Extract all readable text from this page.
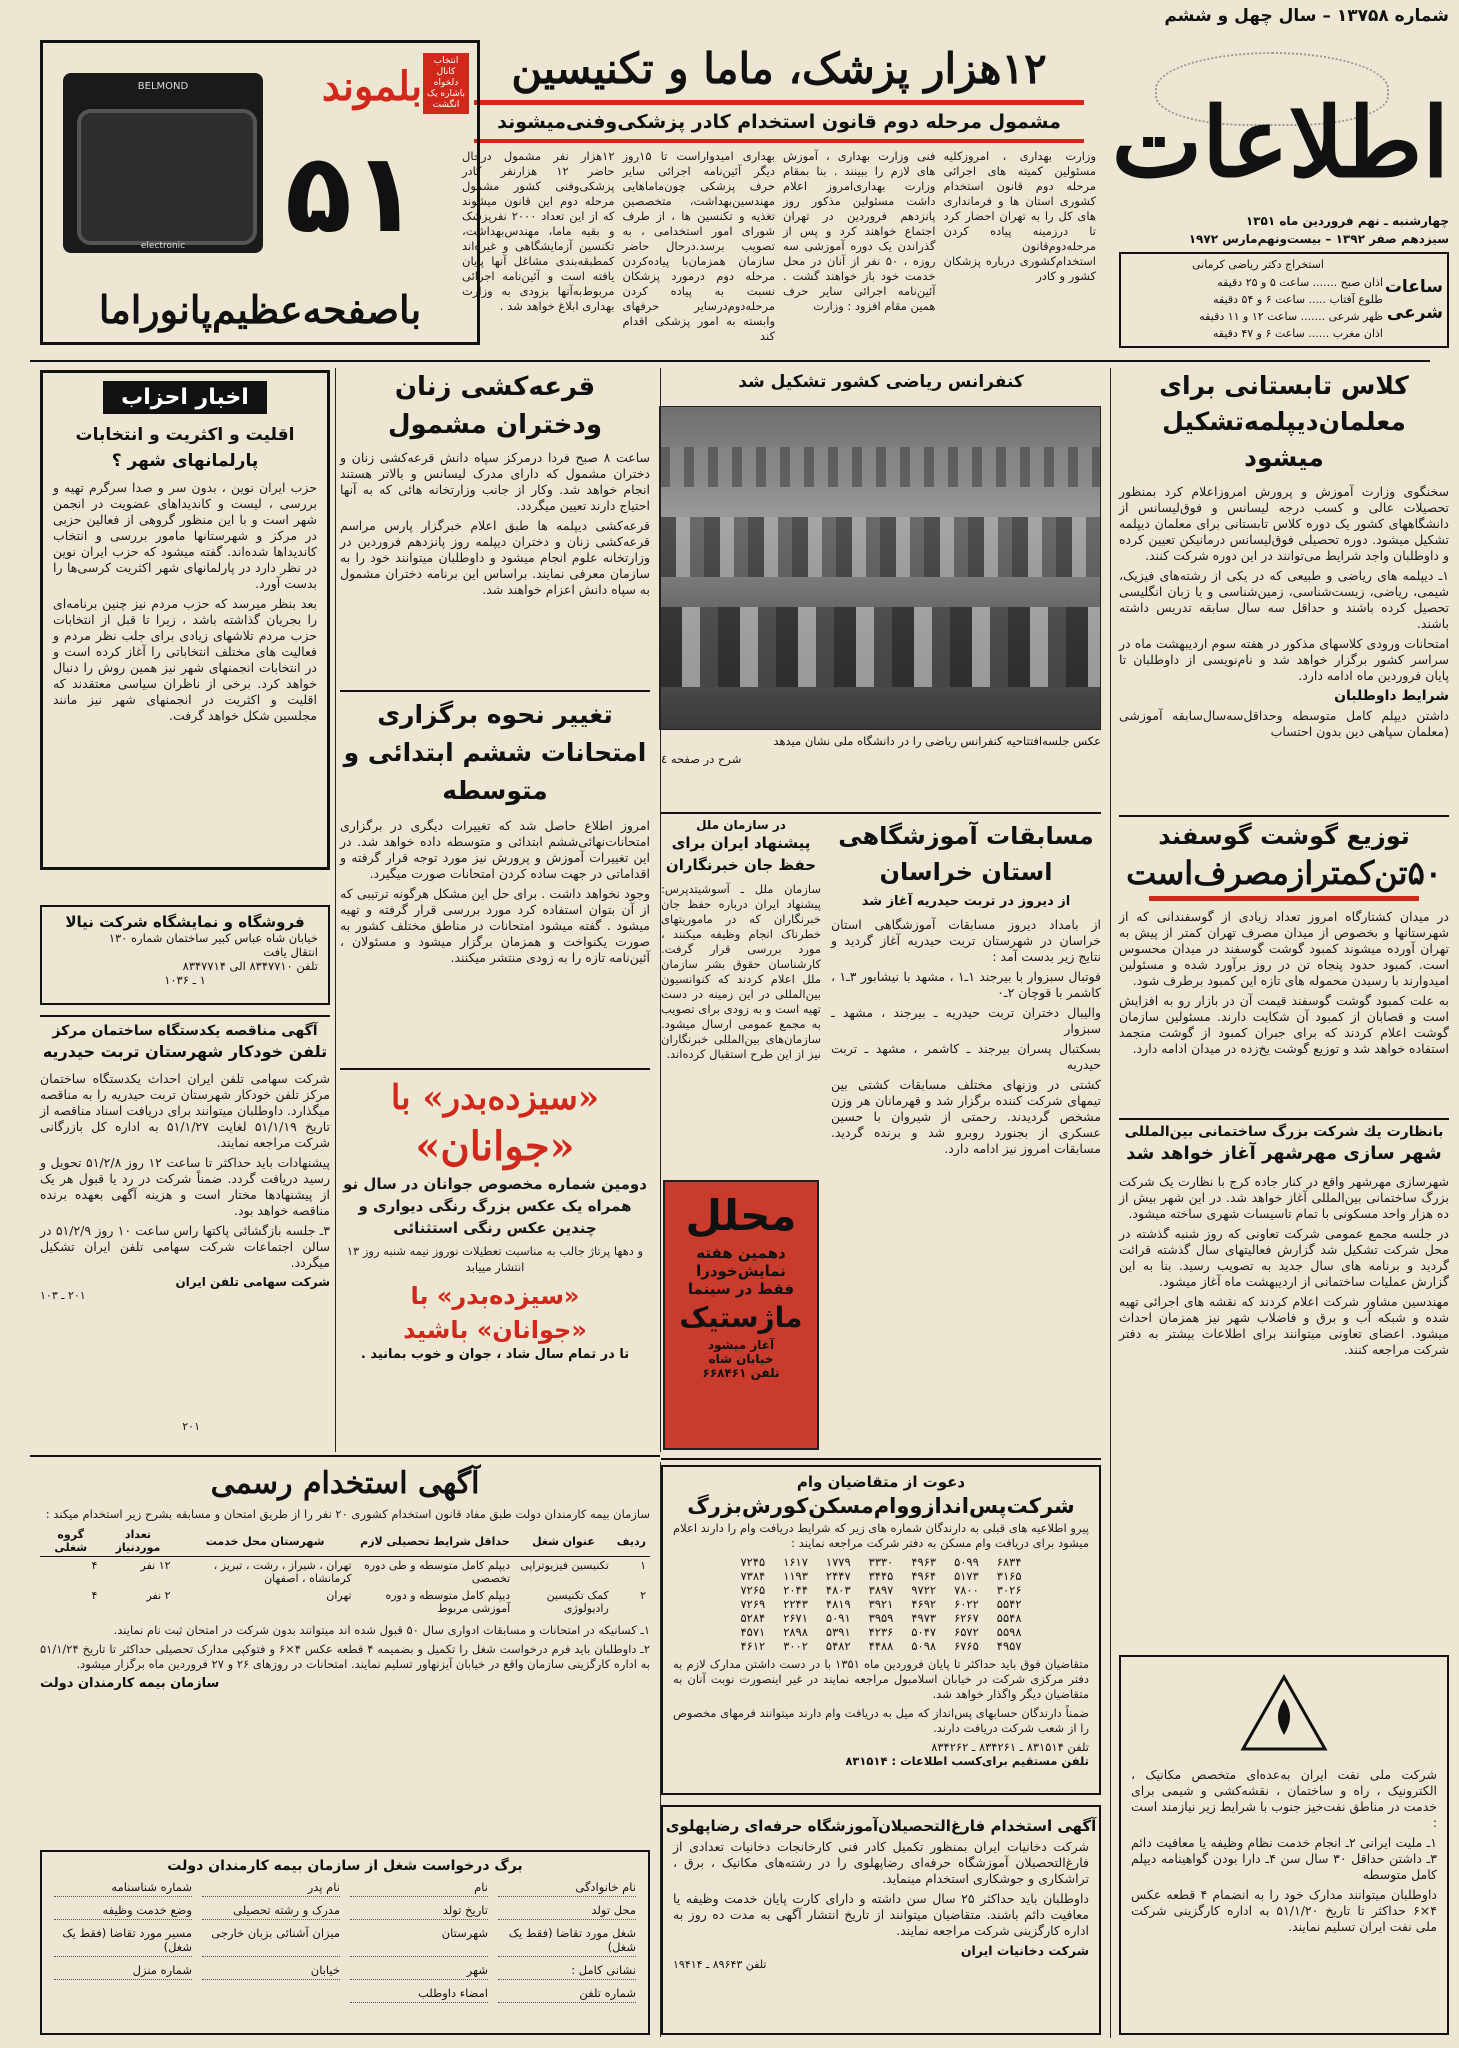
شماره ۱۳۷۵۸ – سال چهل و ششم
اطلاعات
چهارشنبه ـ نهم فروردین ماه ۱۳۵۱
سیزدهم صفر ۱۳۹۲ – بیست‌ونهم‌مارس ۱۹۷۲
ساعات شرعی
استخراج دکتر ریاضی کرمانی
اذان صبح ....... ساعت ۵ و ۲۵ دقیقه
طلوع آفتاب ..... ساعت ۶ و ۵۴ دقیقه
ظهر شرعی ....... ساعت ۱۲ و ۱۱ دقیقه
اذان مغرب ...... ساعت ۶ و ۴۷ دقیقه
۱۲هزار پزشک، ماما و تکنیسین
مشمول مرحله دوم قانون استخدام کادر پزشکی‌وفنی‌میشوند

وزارت بهداری ، امروزکلیه مسئولین کمیته های اجرائی مرحله دوم قانون استخدام کشوری استان ها و فرمانداری های کل را به تهران احضار کرد تا درزمینه پیاده کردن مرحله‌دوم‌قانون استخدام‌کشوری درباره پزشکان کشور و کادر

فنی وزارت بهداری ، آموزش های لازم را ببینند . بنا بمقام وزارت بهداری‌امروز اعلام داشت مسئولین مذکور روز پانزدهم فروردین در تهران اجتماع خواهند کرد و پس از گذراندن یک دوره آموزشی سه روزه ، ۵۰ نفر از آنان در محل خدمت خود باز خواهند گشت . آئین‌نامه اجرائی سایر حرف همین مقام افزود : وزارت

بهداری امیدواراست تا ۱۵روز دیگر آئین‌نامه اجرائی سایر حرف پزشکی چون‌ماماهایی مهندسین‌بهداشت، متخصصین تغذیه و تکنسین ها ، از طرف شورای امور استخدامی ، به تصویب برسد.درحال حاضر سازمان همزمان‌با پیاده‌کردن مرحله دوم درمورد پزشکان نسبت به پیاده کردن مرحله‌دوم‌درسایر حرفهای وابسته به امور پزشکی اقدام کند

۱۲هزار نفر مشمول درحال حاضر ۱۲ هزارنفر کادر پزشکی‌وفنی کشور مشمول مرحله دوم این قانون میشوند که از این تعداد ۲۰۰۰ نفرپزشک و بقیه ماما، مهندس‌بهداشت، تکنسین آزمایشگاهی و غیره‌اند کمطبقه‌بندی مشاغل آنها پایان یافته است و آئین‌نامه اجرائی مربوط‌به‌آنها بزودی به وزارت بهداری ابلاغ خواهد شد .

بلموند
انتخاب کانال دلخواه باشاره یک انگشت
۵۱
BELMOND
electronic
باصفحه‌عظیم‌پانوراما
کلاس تابستانی برای معلمان‌دیپلمه‌تشکیل میشود

سخنگوی وزارت آموزش و پرورش امروزاعلام کرد بمنظور تحصیلات عالی و کسب درجه لیسانس و فوق‌لیسانس از دانشگاههای کشور یک دوره کلاس تابستانی برای معلمان دیپلمه تشکیل میشود. دوره تحصیلی فوق‌لیسانس درمانیکن تعیین کرده و داوطلبان واجد شرایط می‌توانند در این دوره شرکت کنند.

۱ـ دیپلمه های ریاضی و طبیعی که در یکی از رشته‌های فیزیک، شیمی، ریاضی، زیست‌شناسی، زمین‌شناسی و یا زبان انگلیسی تحصیل کرده باشند و حداقل سه سال سابقه تدریس داشته باشند.

امتحانات ورودی کلاسهای مذکور در هفته سوم اردیبهشت ماه در سراسر کشور برگزار خواهد شد و نام‌نویسی از داوطلبان تا پایان فروردین ماه ادامه دارد.

شرایط داوطلبان

داشتن دیپلم کامل متوسطه وحداقل‌سه‌سال‌سابقه آموزشی (معلمان سپاهی دین بدون احتساب

توزیع گوشت گوسفند
۵۰تن‌کمتر‌ازمصرف‌است

در میدان کشتارگاه امروز تعداد زیادی از گوسفندانی که از شهرستانها و بخصوص از میدان مصرف تهران کمتر از پیش به تهران آورده میشوند کمبود گوشت گوسفند در میدان محسوس است. کمبود حدود پنجاه تن در روز برآورد شده و مسئولین امیدوارند با رسیدن محموله های تازه این کمبود برطرف شود.

به علت کمبود گوشت گوسفند قیمت آن در بازار رو به افزایش است و قصابان از کمبود آن شکایت دارند. مسئولین سازمان گوشت اعلام کردند که برای جبران کمبود از گوشت منجمد استفاده خواهد شد و توزیع گوشت یخ‌زده در میدان ادامه دارد.

بانظارت یك شرکت بزرگ ساختمانی بین‌المللی
شهر سازی مهرشهر آغاز خواهد شد

شهرسازی مهرشهر واقع در کنار جاده کرج با نظارت یک شرکت بزرگ ساختمانی بین‌المللی آغاز خواهد شد. در این شهر بیش از ده هزار واحد مسکونی با تمام تاسیسات شهری ساخته میشود.

در جلسه مجمع عمومی شرکت تعاونی که روز شنبه گذشته در محل شرکت تشکیل شد گزارش فعالیتهای سال گذشته قرائت گردید و برنامه های سال جدید به تصویب رسید. بنا به این گزارش عملیات ساختمانی از اردیبهشت ماه آغاز میشود.

مهندسین مشاور شرکت اعلام کردند که نقشه های اجرائی تهیه شده و شبکه آب و برق و فاضلاب شهر نیز همزمان احداث میشود. اعضای تعاونی میتوانند برای اطلاعات بیشتر به دفتر شرکت مراجعه کنند.

شرکت ملی نفت ایران به‌عده‌ای متخصص مکانیک ، الکترونیک ، راه و ساختمان ، نقشه‌کشی و شیمی برای خدمت در مناطق نفت‌خیز جنوب با شرایط زیر نیازمند است :

۱ـ ملیت ایرانی ۲ـ انجام خدمت نظام وظیفه یا معافیت دائم ۳ـ داشتن حداقل ۳۰ سال سن ۴ـ دارا بودن گواهینامه دیپلم کامل متوسطه

داوطلبان میتوانند مدارک خود را به انضمام ۴ قطعه عکس ۴×۶ حداکثر تا تاریخ ۵۱/۱/۲۰ به اداره کارگزینی شرکت ملی نفت ایران تسلیم نمایند.

کنفرانس ریاضی کشور تشکیل شد
عکس جلسه‌افتتاحیه کنفرانس ریاضی را در دانشگاه ملی نشان میدهد
شرح در صفحه ٤
مسابقات آموزشگاهی استان خراسان
از دیروز در تربت حیدریه آغاز شد

از بامداد دیروز مسابقات آموزشگاهی استان خراسان در شهرستان تربت حیدریه آغاز گردید و نتایج زیر بدست آمد :

فوتبال سبزوار با بیرجند ۱ـ۱ ، مشهد با نیشابور ۳ـ۱ ، کاشمر با قوچان ۲ـ۰

والیبال دختران تربت حیدریه ـ بیرجند ، مشهد ـ سبزوار

بسکتبال پسران بیرجند ـ کاشمر ، مشهد ـ تربت حیدریه

کشتی در وزنهای مختلف مسابقات کشتی بین تیمهای شرکت کننده برگزار شد و قهرمانان هر وزن مشخص گردیدند. رحمتی از شیروان با حسین عسکری از بجنورد روبرو شد و برنده گردید. مسابقات امروز نیز ادامه دارد.

در سازمان ملل
پیشنهاد ایران برای حفظ جان خبرنگاران

سازمان ملل ـ آسوشیتدپرس: پیشنهاد ایران درباره حفظ جان خبرنگاران که در ماموریتهای خطرناک انجام وظیفه میکنند ، مورد بررسی قرار گرفت. کارشناسان حقوق بشر سازمان ملل اعلام کردند که کنوانسیون بین‌المللی در این زمینه در دست تهیه است و به زودی برای تصویب به مجمع عمومی ارسال میشود. سازمان‌های بین‌المللی خبرنگاران نیز از این طرح استقبال کرده‌اند.

محلل
دهمین هفته
نمایش‌خودرا
فقط در سینما
ماژستیک
آغاز میشود
خیابان شاه
تلفن ۶۶۸۴۶۱
دعوت از متقاضیان وام
شرکت‌پس‌اندازووام‌مسکن‌کورش‌بزرگ

پیرو اطلاعیه های قبلی به دارندگان شماره های زیر که شرایط دریافت وام را دارند اعلام میشود برای دریافت وام مسکن به دفتر شرکت مراجعه نمایند :

۶۸۳۴	۵۰۹۹	۴۹۶۳	۳۳۳۰	۱۷۷۹	۱۶۱۷	۷۲۴۵
۳۱۶۵	۵۱۷۳	۴۹۶۴	۳۴۴۵	۲۴۴۷	۱۱۹۳	۷۳۸۴
۳۰۲۶	۷۸۰۰	۹۷۲۲	۳۸۹۷	۴۸۰۳	۲۰۴۴	۷۲۶۵
۵۵۴۲	۶۰۲۲	۴۶۹۲	۳۹۲۱	۴۸۱۹	۲۲۴۳	۷۲۶۹
۵۵۴۸	۶۲۶۷	۴۹۷۳	۳۹۵۹	۵۰۹۱	۲۶۷۱	۵۲۸۴
۵۵۹۸	۶۵۷۲	۵۰۴۷	۴۲۳۶	۵۳۹۱	۲۸۹۸	۴۵۷۱
۴۹۵۷	۶۷۶۵	۵۰۹۸	۴۴۸۸	۵۴۸۲	۳۰۰۲	۴۶۱۲

متقاضیان فوق باید حداکثر تا پایان فروردین ماه ۱۳۵۱ با در دست داشتن مدارک لازم به دفتر مرکزی شرکت در خیابان اسلامبول مراجعه نمایند در غیر اینصورت نوبت آنان به متقاضیان دیگر واگذار خواهد شد.

ضمناً دارندگان حسابهای پس‌انداز که میل به دریافت وام دارند میتوانند فرمهای مخصوص را از شعب شرکت دریافت دارند.

تلفن ۸۳۱۵۱۴ ـ ۸۳۴۲۶۱ ـ ۸۳۴۲۶۲
تلفن مستقیم برای‌کسب اطلاعات : ۸۳۱۵۱۴
آگهی استخدام فارغ‌التحصیلان‌آموزشگاه حرفه‌ای رضاپهلوی

شرکت دخانیات ایران بمنظور تکمیل کادر فنی کارخانجات دخانیات تعدادی از فارغ‌التحصیلان آموزشگاه حرفه‌ای رضاپهلوی را در رشته‌های مکانیک ، برق ، تراشکاری و جوشکاری استخدام مینماید.

داوطلبان باید حداکثر ۲۵ سال سن داشته و دارای کارت پایان خدمت وظیفه یا معافیت دائم باشند. متقاضیان میتوانند از تاریخ انتشار آگهی به مدت ده روز به اداره کارگزینی شرکت مراجعه نمایند.

شرکت دخانیات ایران
تلفن ۸۹۶۴۳ ـ ۱۹۴۱۴
قرعه‌کشی زنان ودختران مشمول

ساعت ۸ صبح فردا درمرکز سپاه دانش قرعه‌کشی زنان و دختران مشمول که دارای مدرک لیسانس و بالاتر هستند انجام خواهد شد. وکار از جانب وزارتخانه هائی که به آنها احتیاج دارند تعیین میگردد.

قرعه‌کشی دیپلمه ها طبق اعلام خبرگزار پارس مراسم قرعه‌کشی زنان و دختران دیپلمه روز پانزدهم فروردین در وزارتخانه علوم انجام میشود و داوطلبان میتوانند خود را به سازمان معرفی نمایند. براساس این برنامه دختران مشمول به سپاه دانش اعزام خواهند شد.

تغییر نحوه برگزاری امتحانات ششم ابتدائی و متوسطه

امروز اطلاع حاصل شد که تغییرات دیگری در برگزاری امتحانات‌نهائی‌ششم ابتدائی و متوسطه داده خواهد شد. در این تغییرات آموزش و پرورش نیز مورد توجه قرار گرفته و اقداماتی در جهت ساده کردن امتحانات صورت میگیرد.

وجود نخواهد داشت . برای حل این مشکل هرگونه ترتیبی که از آن بتوان استفاده کرد مورد بررسی قرار گرفته و تهیه میشود . گفته میشود امتحانات در مناطق مختلف کشور به صورت یکنواخت و همزمان برگزار میشود و مسئولان ، آئین‌نامه تازه را به زودی منتشر میکنند.

«سیزده‌بدر» با
«جوانان»

دومین شماره مخصوص جوانان در سال نو همراه یک عکس بزرگ رنگی دیواری و چندین عکس رنگی استثنائی

و دهها پرتاژ جالب به مناسبت تعطیلات نوروز نیمه شنبه روز ۱۳ انتشار مییابد

«سیزده‌بدر» با
«جوانان» باشید
تا در تمام سال شاد ، جوان و خوب بمانید .
اخبار احزاب
اقلیت و اکثریت و انتخابات پارلمانهای شهر ؟

حزب ایران نوین ، بدون سر و صدا سرگرم تهیه و بررسی ، لیست و کاندیداهای عضویت در انجمن شهر است و با این منظور گروهی از فعالین حزبی در مرکز و شهرستانها مامور بررسی و انتخاب کاندیداها شده‌اند. گفته میشود که حزب ایران نوین در نظر دارد در پارلمانهای شهر اکثریت کرسی‌ها را بدست آورد.

بعد بنظر میرسد که حزب مردم نیز چنین برنامه‌ای را بجریان گذاشته باشد ، زیرا تا قبل از انتخابات حزب مردم تلاشهای زیادی برای جلب نظر مردم و فعالیت های مختلف انتخاباتی را آغاز کرده است و در انتخابات انجمنهای شهر نیز همین روش را دنبال خواهد کرد. برخی از ناظران سیاسی معتقدند که اقلیت و اکثریت در انجمنهای شهر نیز مانند مجلسین شکل خواهد گرفت.

فروشگاه و نمایشگاه شرکت نیالا
خیابان شاه عباس کبیر ساختمان شماره ۱۳۰
انتقال یافت
تلفن ۸۳۴۷۷۱۰ الی ۸۳۴۷۷۱۴
۱ ـ ۱۰۳۶
آگهی مناقصه یکدستگاه ساختمان مرکز
تلفن خودکار شهرستان تربت حیدریه

شرکت سهامی تلفن ایران احداث یکدستگاه ساختمان مرکز تلفن خودکار شهرستان تربت حیدریه را به مناقصه میگذارد. داوطلبان میتوانند برای دریافت اسناد مناقصه از تاریخ ۵۱/۱/۱۹ لغایت ۵۱/۱/۲۷ به اداره کل بازرگانی شرکت مراجعه نمایند.

پیشنهادات باید حداکثر تا ساعت ۱۲ روز ۵۱/۲/۸ تحویل و رسید دریافت گردد. ضمناً شرکت در رد یا قبول هر یک از پیشنهادها مختار است و هزینه آگهی بعهده برنده مناقصه خواهد بود.

۳ـ جلسه بازگشائی پاکتها راس ساعت ۱۰ روز ۵۱/۲/۹ در سالن اجتماعات شرکت سهامی تلفن ایران تشکیل میگردد.

شرکت سهامی تلفن ایران
۲۰۱ ـ ۱۰۳
آگهی استخدام رسمی

سازمان بیمه کارمندان دولت طبق مفاد قانون استخدام کشوری ۲۰ نفر را از طریق امتحان و مسابقه بشرح زیر استخدام میکند :

ردیف	عنوان شغل	حداقل شرایط تحصیلی لازم	شهرستان محل خدمت	تعداد موردنیاز	گروه شغلی
۱	تکنیسین فیزیوتراپی	دیپلم کامل متوسطه و طی دوره تخصصی	تهران ، شیراز ، رشت ، تبریز ، کرمانشاه ، اصفهان	۱۲ نفر	۴
۲	کمک تکنیسین رادیولوژی	دیپلم کامل متوسطه و دوره آموزشی مربوط	تهران	۲ نفر	۴

۱ـ کسانیکه در امتحانات و مسابقات ادواری سال ۵۰ قبول شده اند میتوانند بدون شرکت در امتحان ثبت نام نمایند.

۲ـ داوطلبان باید فرم درخواست شغل را تکمیل و بضمیمه ۴ قطعه عکس ۴×۶ و فتوکپی مدارک تحصیلی حداکثر تا تاریخ ۵۱/۱/۲۴ به اداره کارگزینی سازمان واقع در خیابان آیزنهاور تسلیم نمایند. امتحانات در روزهای ۲۶ و ۲۷ فروردین ماه برگزار میشود.

سازمان بیمه کارمندان دولت
برگ درخواست شغل از سازمان بیمه کارمندان دولت
نام خانوادگی
نام
نام پدر
شماره شناسنامه
محل تولد
تاریخ تولد
مدرک و رشته تحصیلی
وضع خدمت وظیفه
شغل مورد تقاضا (فقط یک شغل)
شهرستان
میزان آشنائی بزبان خارجی
مسیر مورد تقاضا (فقط یک شغل)
نشانی کامل :
شهر
خیابان
شماره منزل
شماره تلفن
امضاء داوطلب
۲۰۱
